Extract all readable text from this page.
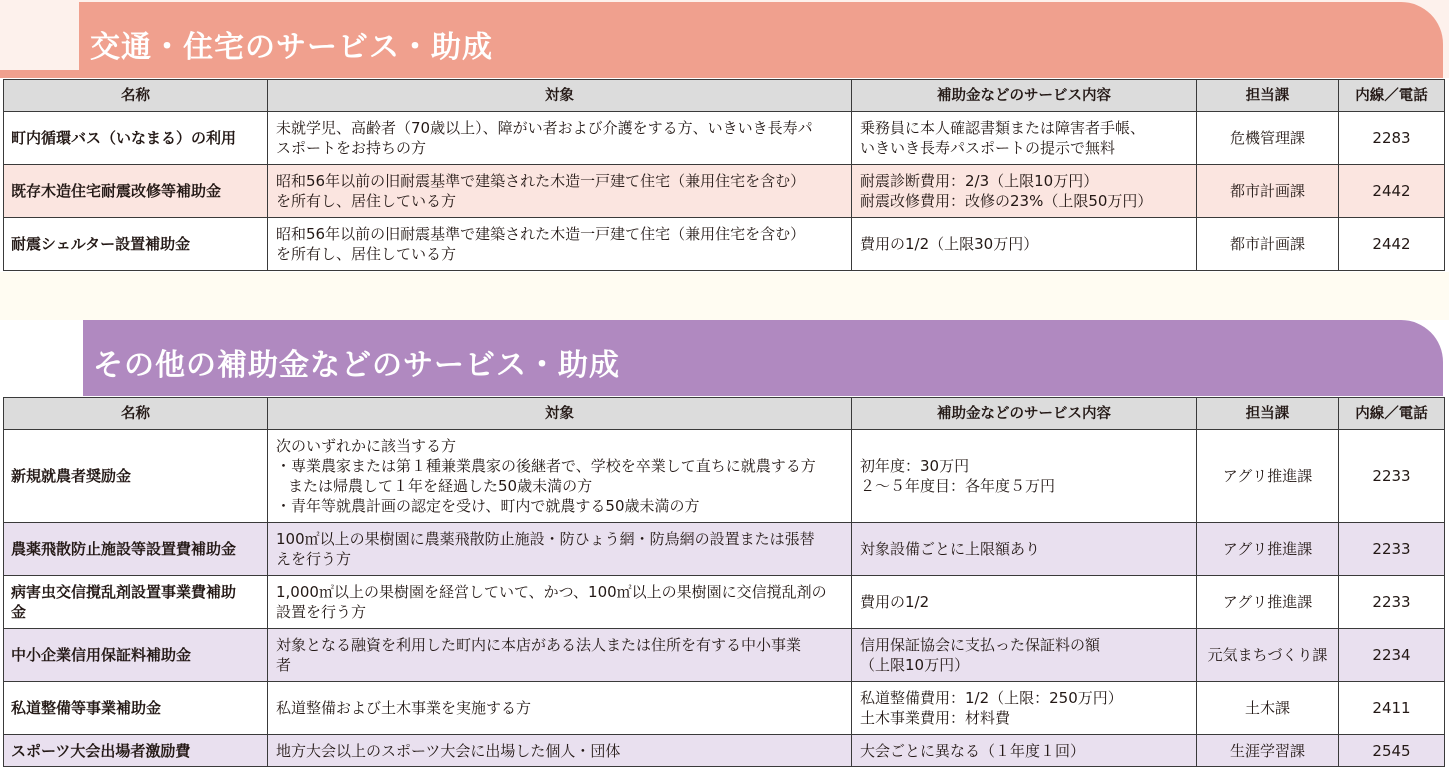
交通・住宅のサービス・助成
名称	対象	補助金などのサービス内容	担当課	内線／電話
町内循環バス（いなまる）の利用	未就学児、高齢者（70歳以上）、障がい者および介護をする方、いきいき長寿パ
スポートをお持ちの方	乗務員に本人確認書類または障害者手帳、
いきいき長寿パスポートの提示で無料	危機管理課	2283
既存木造住宅耐震改修等補助金	昭和56年以前の旧耐震基準で建築された木造一戸建て住宅（兼用住宅を含む）
を所有し、居住している方	耐震診断費用：2/3（上限10万円）
耐震改修費用：改修の23%（上限50万円）	都市計画課	2442
耐震シェルター設置補助金	昭和56年以前の旧耐震基準で建築された木造一戸建て住宅（兼用住宅を含む）
を所有し、居住している方	費用の1/2（上限30万円）	都市計画課	2442
その他の補助金などのサービス・助成
名称	対象	補助金などのサービス内容	担当課	内線／電話
新規就農者奨励金	次のいずれかに該当する方
・専業農家または第１種兼業農家の後継者で、学校を卒業して直ちに就農する方
または帰農して１年を経過した50歳未満の方
・青年等就農計画の認定を受け、町内で就農する50歳未満の方	初年度：30万円
２～５年度目：各年度５万円	アグリ推進課	2233
農薬飛散防止施設等設置費補助金	100㎡以上の果樹園に農薬飛散防止施設・防ひょう網・防鳥網の設置または張替
えを行う方	対象設備ごとに上限額あり	アグリ推進課	2233

病害虫交信撹乱剤設置事業費補助
金	1,000㎡以上の果樹園を経営していて、かつ、100㎡以上の果樹園に交信撹乱剤の
設置を行う方	費用の1/2	アグリ推進課	2233
中小企業信用保証料補助金	対象となる融資を利用した町内に本店がある法人または住所を有する中小事業
者	信用保証協会に支払った保証料の額
（上限10万円）	元気まちづくり課	2234
私道整備等事業補助金	私道整備および土木事業を実施する方	私道整備費用：1/2（上限：250万円）
土木事業費用：材料費	土木課	2411
スポーツ大会出場者激励費	地方大会以上のスポーツ大会に出場した個人・団体	大会ごとに異なる（１年度１回）	生涯学習課	2545
